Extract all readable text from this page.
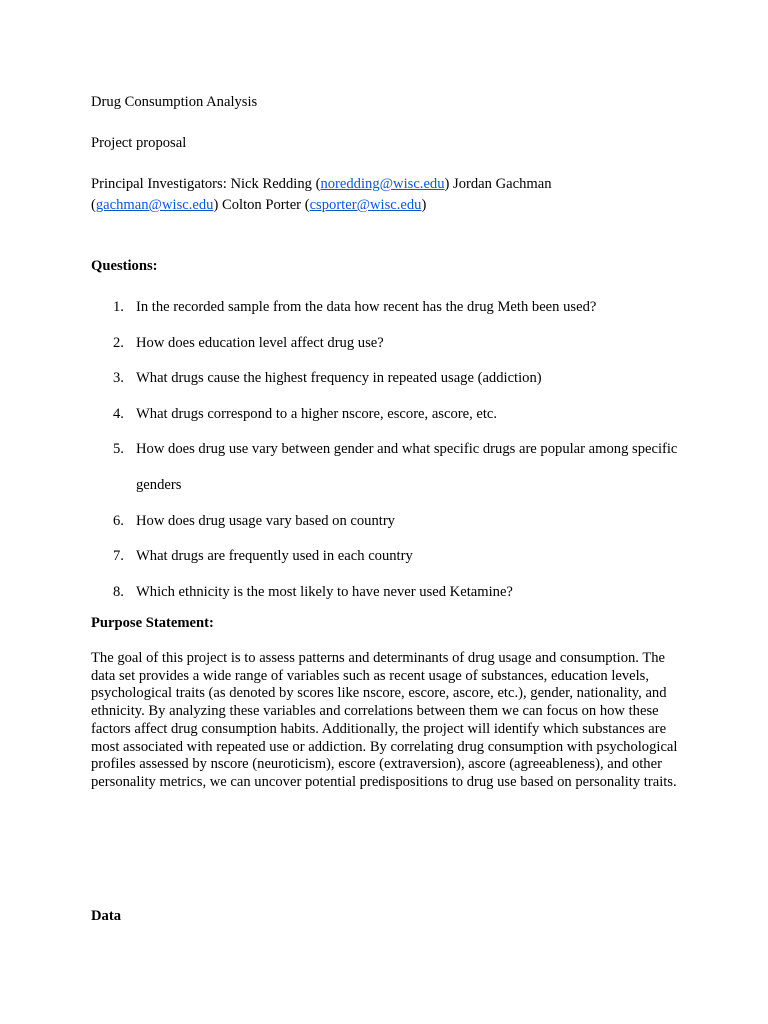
Drug Consumption Analysis
Project proposal
Principal Investigators: Nick Redding (noredding@wisc.edu) Jordan Gachman
(gachman@wisc.edu) Colton Porter (csporter@wisc.edu)
Questions:
1. In the recorded sample from the data how recent has the drug Meth been used?
2. How does education level affect drug use?
3. What drugs cause the highest frequency in repeated usage (addiction)
4. What drugs correspond to a higher nscore, escore, ascore, etc.
5. How does drug use vary between gender and what specific drugs are popular among specific genders
6. How does drug usage vary based on country
7. What drugs are frequently used in each country
8. Which ethnicity is the most likely to have never used Ketamine?
Purpose Statement:
The goal of this project is to assess patterns and determinants of drug usage and consumption. The data set provides a wide range of variables such as recent usage of substances, education levels, psychological traits (as denoted by scores like nscore, escore, ascore, etc.), gender, nationality, and ethnicity. By analyzing these variables and correlations between them we can focus on how these factors affect drug consumption habits. Additionally, the project will identify which substances are most associated with repeated use or addiction. By correlating drug consumption with psychological profiles assessed by nscore (neuroticism), escore (extraversion), ascore (agreeableness), and other personality metrics, we can uncover potential predispositions to drug use based on personality traits.
Data
